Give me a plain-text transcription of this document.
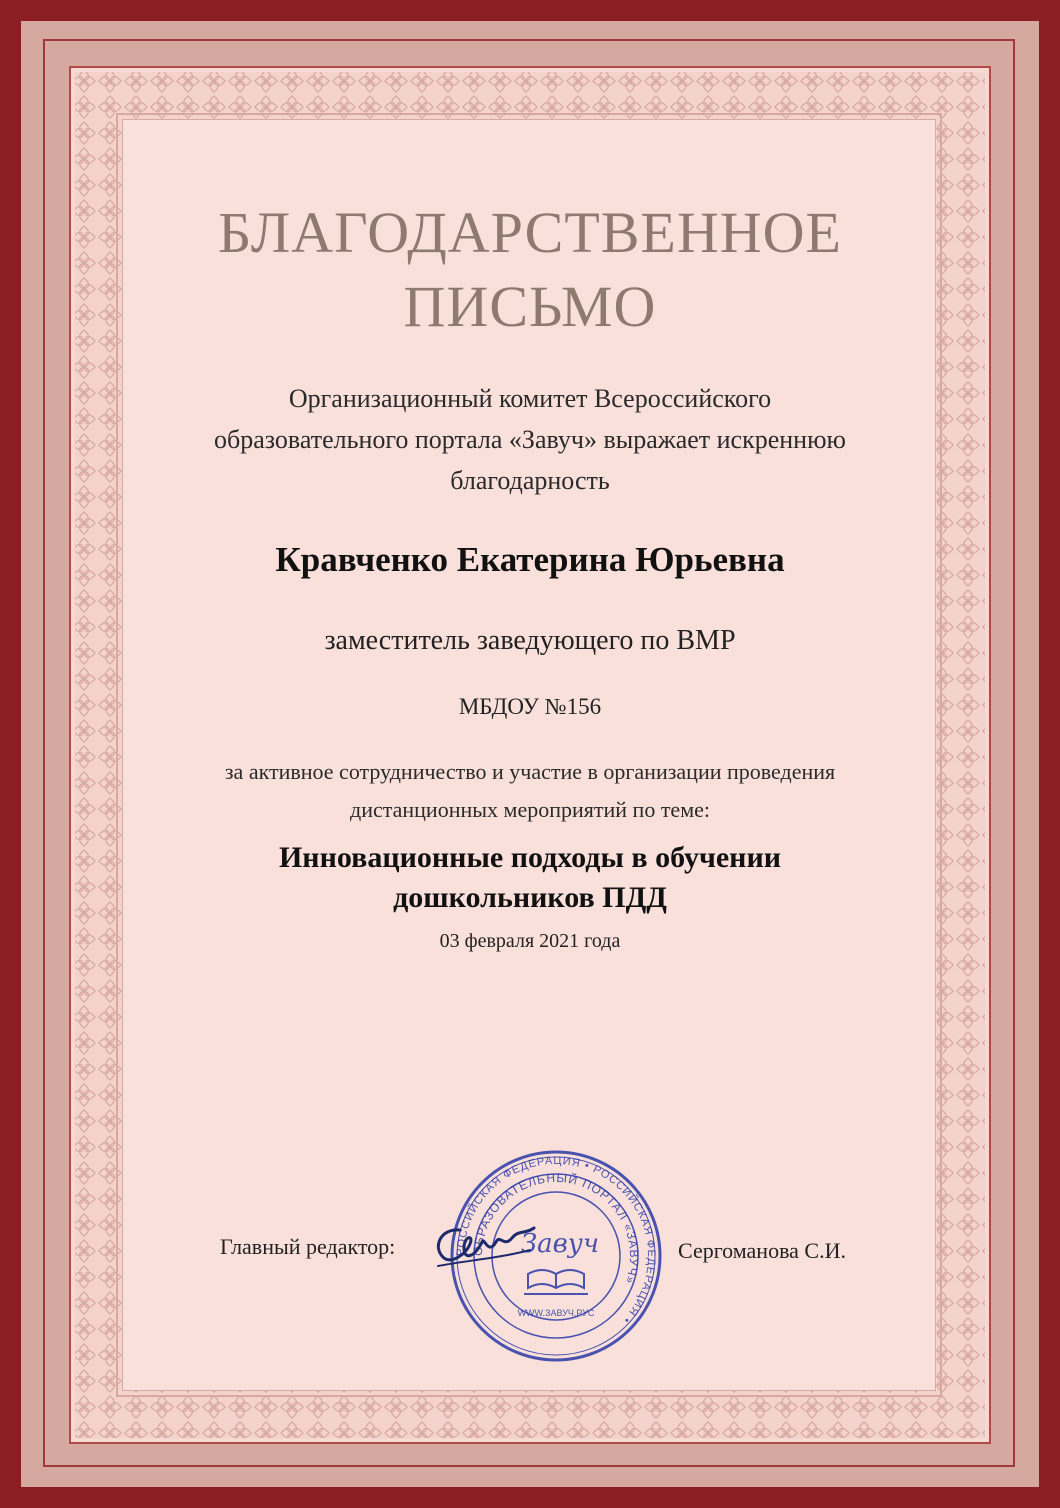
БЛАГОДАРСТВЕННОЕ
ПИСЬМО
Организационный комитет Всероссийского
образовательного портала «Завуч» выражает искреннюю
благодарность
Кравченко Екатерина Юрьевна
заместитель заведующего по ВМР
МБДОУ №156
за активное сотрудничество и участие в организации проведения
дистанционных мероприятий по теме:
Инновационные подходы в обучении
дошкольников ПДД
03 февраля 2021 года
Главный редактор:	РОССИЙСКАЯ ФЕДЕРАЦИЯ • РОССИЙСКАЯ ФЕДЕРАЦИЯ •
ОБРАЗОВАТЕЛЬНЫЙ ПОРТАЛ «ЗАВУЧ»
Завуч
WWW.ЗАВУЧ.РУС
Сергоманова С.И.
